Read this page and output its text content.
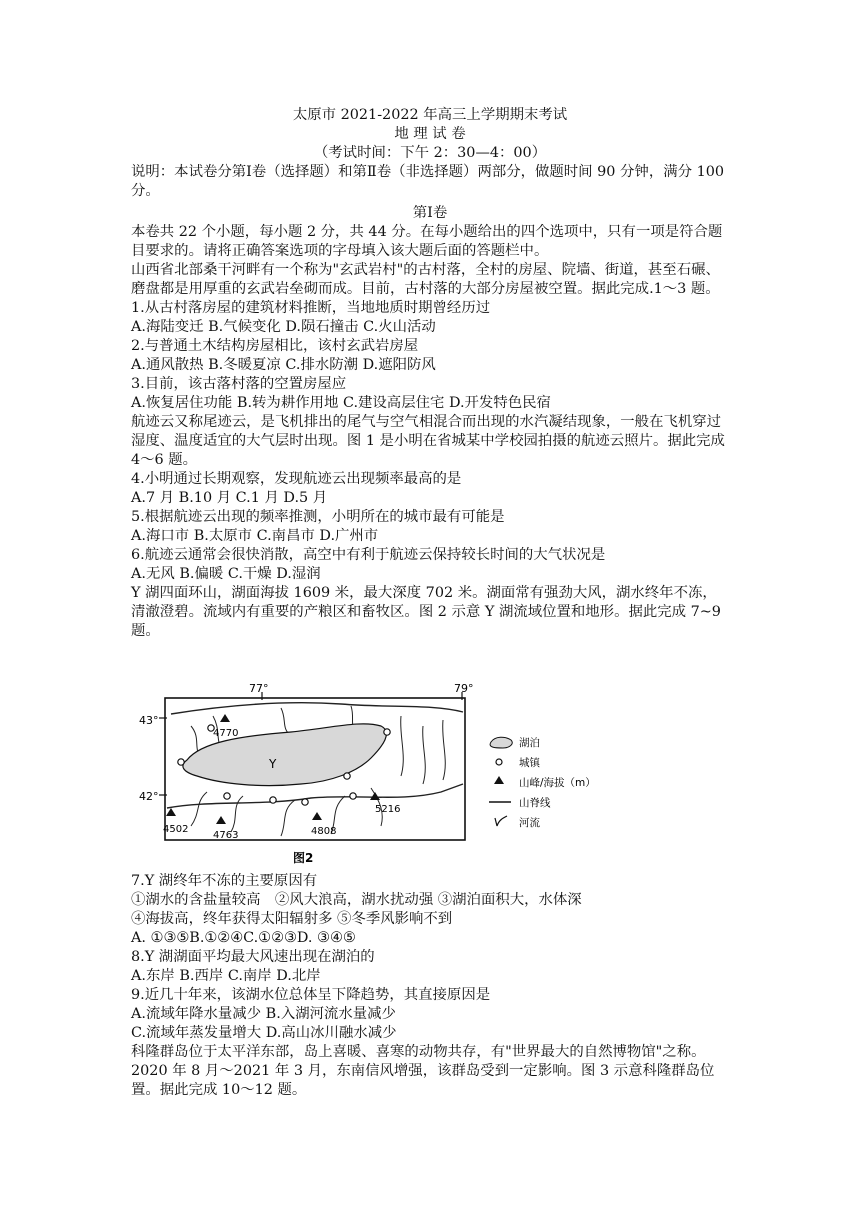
太原市 2021-2022 年高三上学期期末考试
地 理 试 卷
（考试时间：下午 2：30—4：00）
说明：本试卷分第Ⅰ卷（选择题）和第Ⅱ卷（非选择题）两部分，做题时间 90 分钟，满分 100 分。
第Ⅰ卷

本卷共 22 个小题，每小题 2 分，共 44 分。在每小题给出的四个选项中，只有一项是符合题目要求的。请将正确答案选项的字母填入该大题后面的答题栏中。

山西省北部桑干河畔有一个称为"玄武岩村"的古村落，全村的房屋、院墙、街道，甚至石碾、磨盘都是用厚重的玄武岩垒砌而成。目前，古村落的大部分房屋被空置。据此完成.1～3 题。

1.从古村落房屋的建筑材料推断，当地地质时期曾经历过

A.海陆变迁 B.气候变化 D.陨石撞击 C.火山活动

2.与普通土木结构房屋相比，该村玄武岩房屋

A.通风散热 B.冬暖夏凉 C.排水防潮 D.遮阳防风

3.目前，该古落村落的空置房屋应

A.恢复居住功能 B.转为耕作用地 C.建设高层住宅 D.开发特色民宿

航迹云又称尾迹云，是飞机排出的尾气与空气相混合而出现的水汽凝结现象，一般在飞机穿过湿度、温度适宜的大气层时出现。图 1 是小明在省城某中学校园拍摄的航迹云照片。据此完成 4～6 题。

4.小明通过长期观察，发现航迹云出现频率最高的是

A.7 月 B.10 月 C.1 月 D.5 月

5.根据航迹云出现的频率推测，小明所在的城市最有可能是

A.海口市 B.太原市 C.南昌市 D.广州市

6.航迹云通常会很快消散，高空中有利于航迹云保持较长时间的大气状况是

A.无风 B.偏暖 C.干燥 D.湿润

Y 湖四面环山，湖面海拔 1609 米，最大深度 702 米。湖面常有强劲大风，湖水终年不冻，清澈澄碧。流域内有重要的产粮区和畜牧区。图 2 示意 Y 湖流域位置和地形。据此完成 7~9 题。

77°	79°
43°
42°
Y
4770
5216
4502
4763	4808
图2
湖泊
城镇
山峰/海拔（m）
山脊线
河流

7.Y 湖终年不冻的主要原因有

①湖水的含盐量较高　②风大浪高，湖水扰动强 ③湖泊面积大，水体深

④海拔高，终年获得太阳辐射多 ⑤冬季风影响不到

A. ①③⑤B.①②④C.①②③D. ③④⑤

8.Y 湖湖面平均最大风速出现在湖泊的

A.东岸 B.西岸 C.南岸 D.北岸

9.近几十年来，该湖水位总体呈下降趋势，其直接原因是

A.流域年降水量减少 B.入湖河流水量减少

C.流域年蒸发量增大 D.高山冰川融水减少

科隆群岛位于太平洋东部，岛上喜暖、喜寒的动物共存，有"世界最大的自然博物馆"之称。2020 年 8 月～2021 年 3 月，东南信风增强，该群岛受到一定影响。图 3 示意科隆群岛位置。据此完成 10～12 题。
